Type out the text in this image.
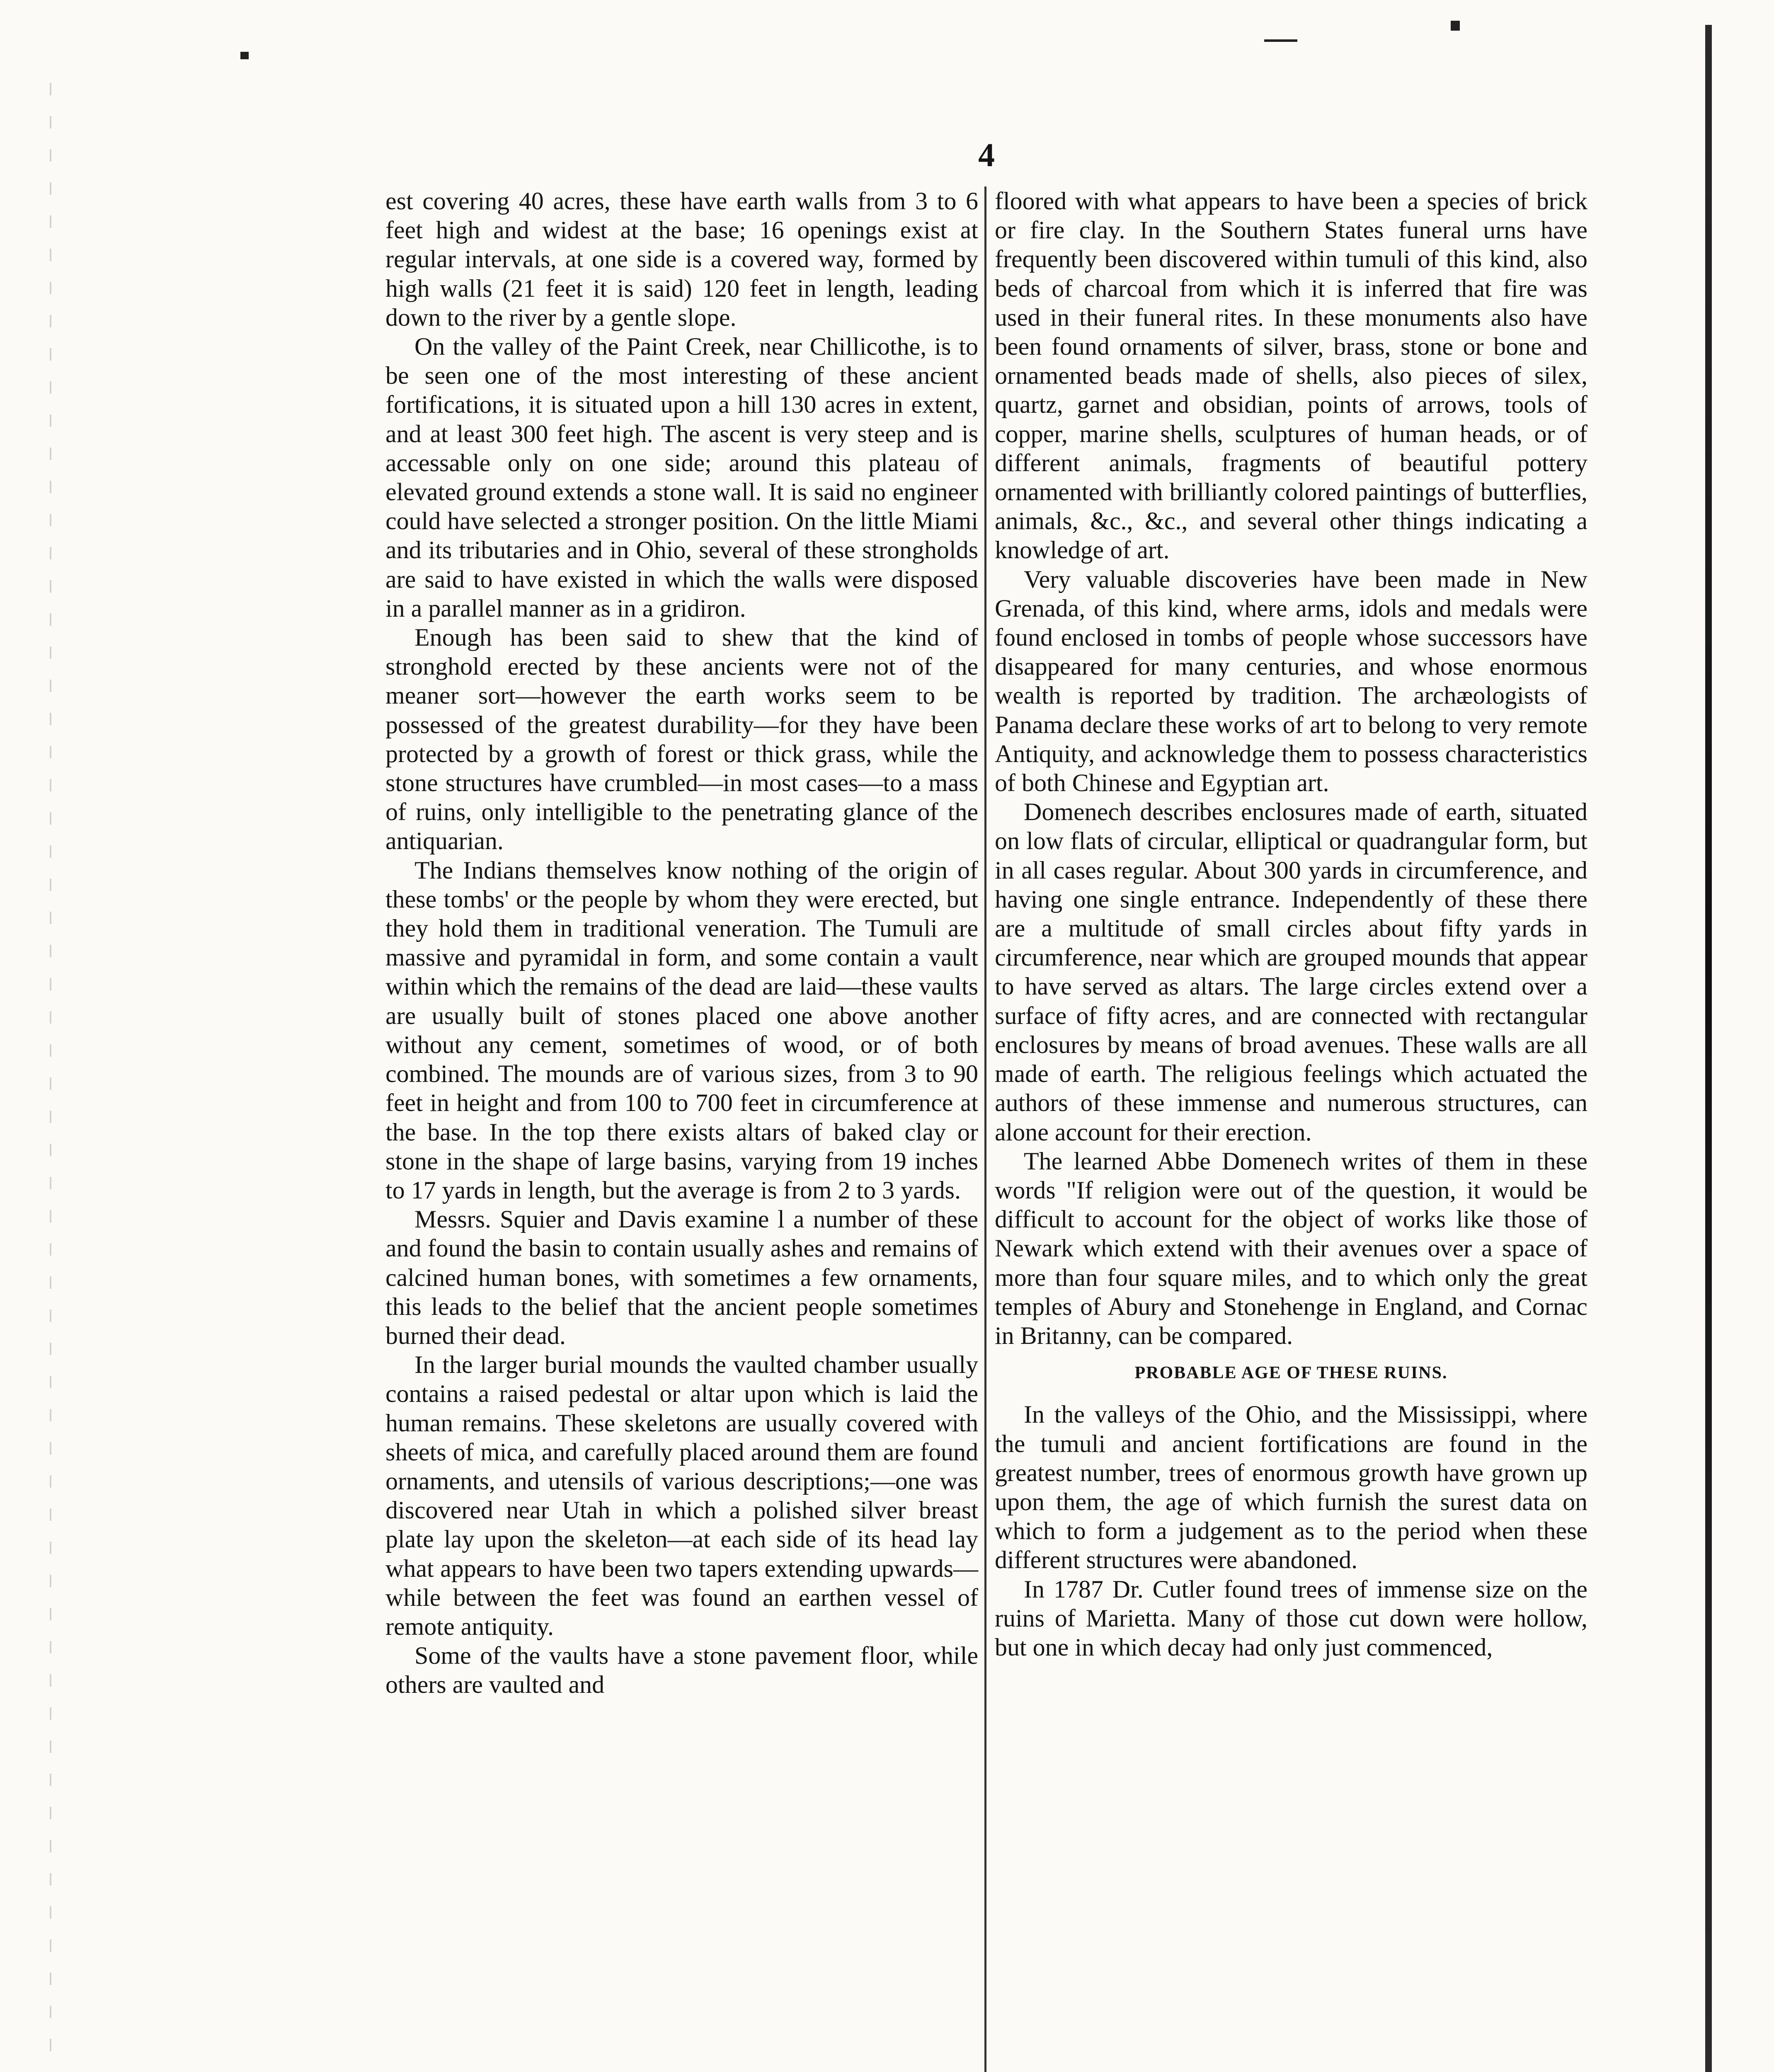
4

est covering 40 acres, these have earth walls from 3 to 6 feet high and widest at the base; 16 openings exist at regular intervals, at one side is a covered way, formed by high walls (21 feet it is said) 120 feet in length, leading down to the river by a gentle slope.

On the valley of the Paint Creek, near Chillicothe, is to be seen one of the most interesting of these ancient fortifications, it is situated upon a hill 130 acres in extent, and at least 300 feet high. The ascent is very steep and is accessable only on one side; around this plateau of elevated ground extends a stone wall. It is said no engineer could have selected a stronger position. On the little Miami and its tributaries and in Ohio, several of these strongholds are said to have existed in which the walls were disposed in a parallel manner as in a gridiron.

Enough has been said to shew that the kind of stronghold erected by these ancients were not of the meaner sort—however the earth works seem to be possessed of the greatest durability—for they have been protected by a growth of forest or thick grass, while the stone structures have crumbled—in most cases—to a mass of ruins, only intelligible to the penetrating glance of the antiquarian.

The Indians themselves know nothing of the origin of these tombs' or the people by whom they were erected, but they hold them in traditional veneration. The Tumuli are massive and pyramidal in form, and some contain a vault within which the remains of the dead are laid—these vaults are usually built of stones placed one above another without any cement, sometimes of wood, or of both combined. The mounds are of various sizes, from 3 to 90 feet in height and from 100 to 700 feet in circumference at the base. In the top there exists altars of baked clay or stone in the shape of large basins, varying from 19 inches to 17 yards in length, but the average is from 2 to 3 yards.

Messrs. Squier and Davis examine l a number of these and found the basin to contain usually ashes and remains of calcined human bones, with sometimes a few ornaments, this leads to the belief that the ancient people sometimes burned their dead.

In the larger burial mounds the vaulted chamber usually contains a raised pedestal or altar upon which is laid the human remains. These skeletons are usually covered with sheets of mica, and carefully placed around them are found ornaments, and utensils of various descriptions;—one was discovered near Utah in which a polished silver breast plate lay upon the skeleton—at each side of its head lay what appears to have been two tapers extending upwards—while between the feet was found an earthen vessel of remote antiquity.

Some of the vaults have a stone pavement floor, while others are vaulted and

floored with what appears to have been a species of brick or fire clay. In the Southern States funeral urns have frequently been discovered within tumuli of this kind, also beds of charcoal from which it is inferred that fire was used in their funeral rites. In these monuments also have been found ornaments of silver, brass, stone or bone and ornamented beads made of shells, also pieces of silex, quartz, garnet and obsidian, points of arrows, tools of copper, marine shells, sculptures of human heads, or of different animals, fragments of beautiful pottery ornamented with brilliantly colored paintings of butterflies, animals, &c., &c., and several other things indicating a knowledge of art.

Very valuable discoveries have been made in New Grenada, of this kind, where arms, idols and medals were found enclosed in tombs of people whose successors have disappeared for many centuries, and whose enormous wealth is reported by tradition. The archæologists of Panama declare these works of art to belong to very remote Antiquity, and acknowledge them to possess characteristics of both Chinese and Egyptian art.

Domenech describes enclosures made of earth, situated on low flats of circular, elliptical or quadrangular form, but in all cases regular. About 300 yards in circumference, and having one single entrance. Independently of these there are a multitude of small circles about fifty yards in circumference, near which are grouped mounds that appear to have served as altars. The large circles extend over a surface of fifty acres, and are connected with rectangular enclosures by means of broad avenues. These walls are all made of earth. The religious feelings which actuated the authors of these immense and numerous structures, can alone account for their erection.

The learned Abbe Domenech writes of them in these words "If religion were out of the question, it would be difficult to account for the object of works like those of Newark which extend with their avenues over a space of more than four square miles, and to which only the great temples of Abury and Stonehenge in England, and Cornac in Britanny, can be compared.

PROBABLE AGE OF THESE RUINS.

In the valleys of the Ohio, and the Mississippi, where the tumuli and ancient fortifications are found in the greatest number, trees of enormous growth have grown up upon them, the age of which furnish the surest data on which to form a judgement as to the period when these different structures were abandoned.

In 1787 Dr. Cutler found trees of immense size on the ruins of Marietta. Many of those cut down were hollow, but one in which decay had only just commenced,
